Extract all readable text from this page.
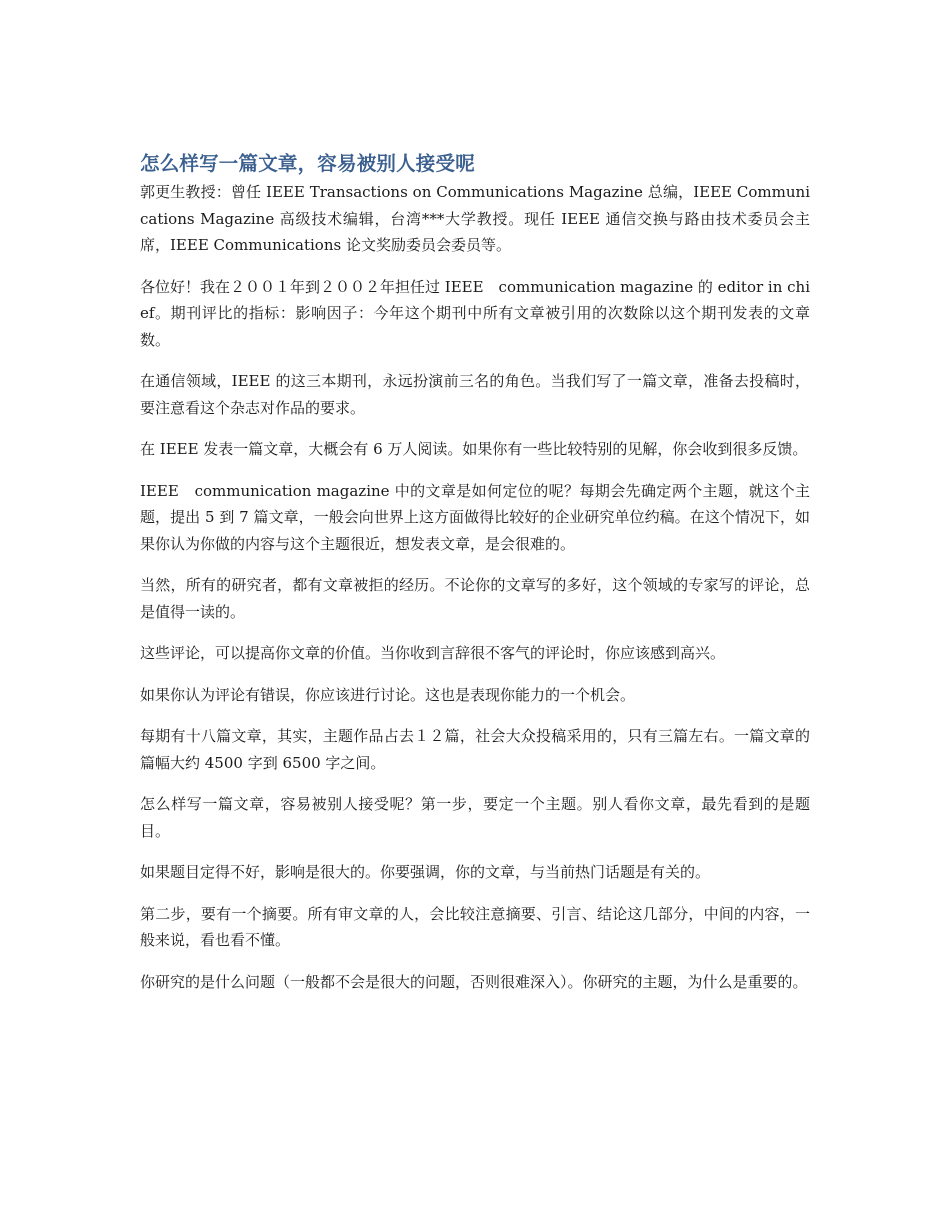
怎么样写一篇文章，容易被别人接受呢

郭更生教授：曾任 IEEE Transactions on Communications Magazine 总编，IEEE Communications Magazine 高级技术编辑，台湾***大学教授。现任 IEEE 通信交换与路由技术委员会主席，IEEE Communications 论文奖励委员会委员等。

各位好！我在２００１年到２００２年担任过 IEEE　communication magazine 的 editor in chief。期刊评比的指标：影响因子：今年这个期刊中所有文章被引用的次数除以这个期刊发表的文章数。

在通信领域，IEEE 的这三本期刊，永远扮演前三名的角色。当我们写了一篇文章，准备去投稿时，要注意看这个杂志对作品的要求。

在 IEEE 发表一篇文章，大概会有 6 万人阅读。如果你有一些比较特别的见解，你会收到很多反馈。

IEEE　communication magazine 中的文章是如何定位的呢？每期会先确定两个主题，就这个主题，提出 5 到 7 篇文章，一般会向世界上这方面做得比较好的企业研究单位约稿。在这个情况下，如果你认为你做的内容与这个主题很近，想发表文章，是会很难的。

当然，所有的研究者，都有文章被拒的经历。不论你的文章写的多好，这个领域的专家写的评论，总是值得一读的。

这些评论，可以提高你文章的价值。当你收到言辞很不客气的评论时，你应该感到高兴。

如果你认为评论有错误，你应该进行讨论。这也是表现你能力的一个机会。

每期有十八篇文章，其实，主题作品占去１２篇，社会大众投稿采用的，只有三篇左右。一篇文章的篇幅大约 4500 字到 6500 字之间。

怎么样写一篇文章，容易被别人接受呢？第一步，要定一个主题。别人看你文章，最先看到的是题目。

如果题目定得不好，影响是很大的。你要强调，你的文章，与当前热门话题是有关的。

第二步，要有一个摘要。所有审文章的人，会比较注意摘要、引言、结论这几部分，中间的内容，一般来说，看也看不懂。

你研究的是什么问题（一般都不会是很大的问题，否则很难深入）。你研究的主题，为什么是重要的。
